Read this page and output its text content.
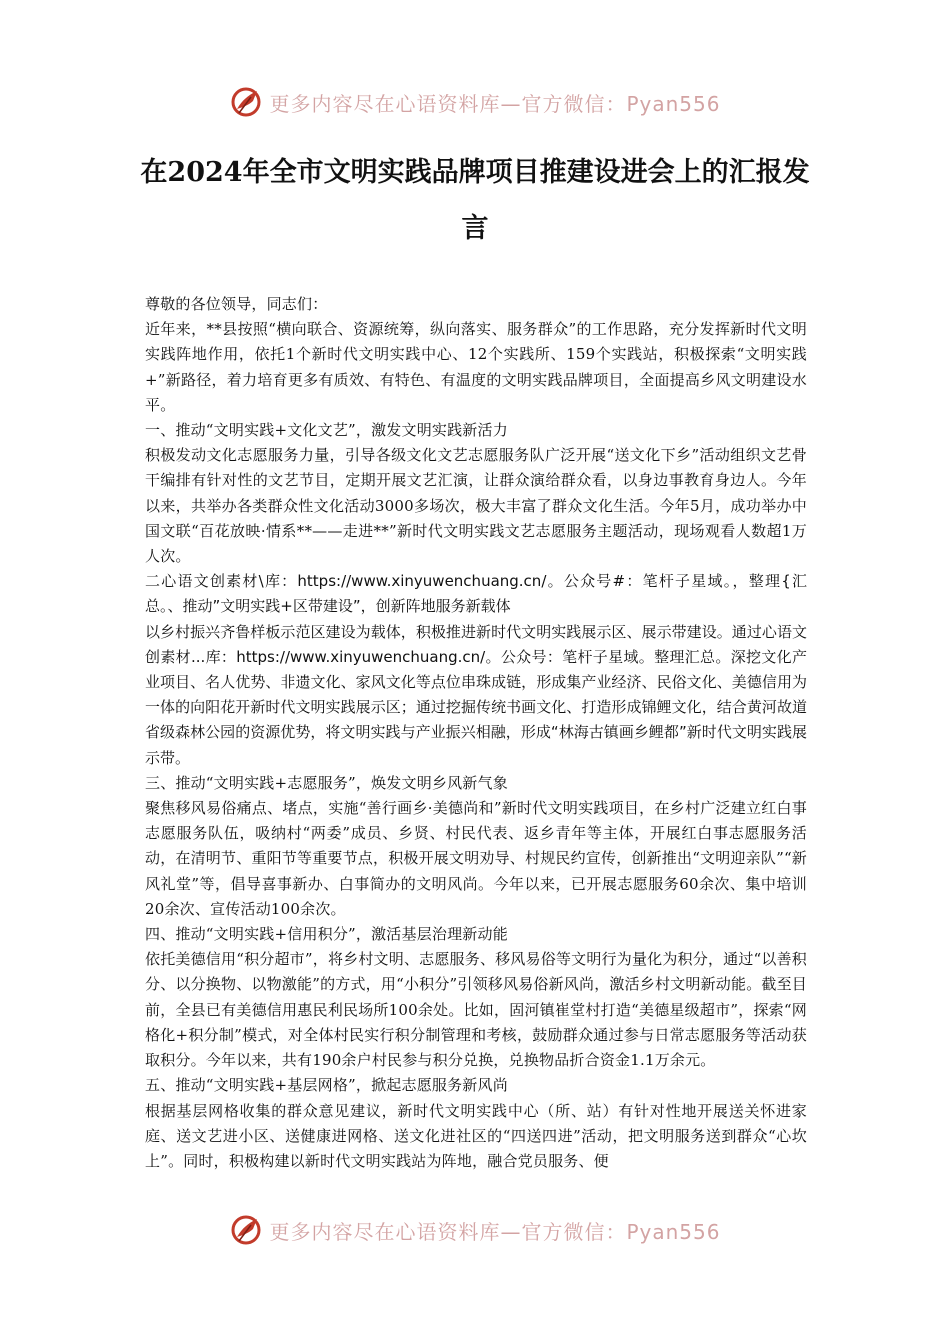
更多内容尽在心语资料库—官方微信：Pyan556
在2024年全市文明实践品牌项目推建设进会上的汇报发言

尊敬的各位领导，同志们：

近年来，**县按照“横向联合、资源统筹，纵向落实、服务群众”的工作思路，充分发挥新时代文明实践阵地作用，依托1个新时代文明实践中心、12个实践所、159个实践站，积极探索“文明实践+”新路径，着力培育更多有质效、有特色、有温度的文明实践品牌项目，全面提高乡风文明建设水平。

一、推动“文明实践+文化文艺”，激发文明实践新活力

积极发动文化志愿服务力量，引导各级文化文艺志愿服务队广泛开展“送文化下乡”活动组织文艺骨干编排有针对性的文艺节目，定期开展文艺汇演，让群众演给群众看，以身边事教育身边人。今年以来，共举办各类群众性文化活动3000多场次，极大丰富了群众文化生活。今年5月，成功举办中国文联“百花放映·情系**——走进**”新时代文明实践文艺志愿服务主题活动，现场观看人数超1万人次。

二心语文创素材\库：https://www.xinyuwenchuang.cn/。公众号#：笔杆子星域。，整理{汇总。、推动”文明实践+区带建设”，创新阵地服务新载体

以乡村振兴齐鲁样板示范区建设为载体，积极推进新时代文明实践展示区、展示带建设。通过心语文创素材...库：https://www.xinyuwenchuang.cn/。公众号：笔杆子星域。整理汇总。深挖文化产业项目、名人优势、非遗文化、家风文化等点位串珠成链，形成集产业经济、民俗文化、美德信用为一体的向阳花开新时代文明实践展示区；通过挖掘传统书画文化、打造形成锦鲤文化，结合黄河故道省级森林公园的资源优势，将文明实践与产业振兴相融，形成“林海古镇画乡鲤都”新时代文明实践展示带。

三、推动“文明实践+志愿服务”，焕发文明乡风新气象

聚焦移风易俗痛点、堵点，实施“善行画乡·美德尚和”新时代文明实践项目，在乡村广泛建立红白事志愿服务队伍，吸纳村“两委”成员、乡贤、村民代表、返乡青年等主体，开展红白事志愿服务活动，在清明节、重阳节等重要节点，积极开展文明劝导、村规民约宣传，创新推出“文明迎亲队”“新风礼堂”等，倡导喜事新办、白事简办的文明风尚。今年以来，已开展志愿服务60余次、集中培训20余次、宣传活动100余次。

四、推动“文明实践+信用积分”，激活基层治理新动能

依托美德信用“积分超市”，将乡村文明、志愿服务、移风易俗等文明行为量化为积分，通过“以善积分、以分换物、以物激能”的方式，用“小积分”引领移风易俗新风尚，激活乡村文明新动能。截至目前，全县已有美德信用惠民利民场所100余处。比如，固河镇崔堂村打造“美德星级超市”，探索“网格化+积分制”模式，对全体村民实行积分制管理和考核，鼓励群众通过参与日常志愿服务等活动获取积分。今年以来，共有190余户村民参与积分兑换，兑换物品折合资金1.1万余元。

五、推动“文明实践+基层网格”，掀起志愿服务新风尚

根据基层网格收集的群众意见建议，新时代文明实践中心（所、站）有针对性地开展送关怀进家庭、送文艺进小区、送健康进网格、送文化进社区的“四送四进”活动，把文明服务送到群众“心坎上”。同时，积极构建以新时代文明实践站为阵地，融合党员服务、便

更多内容尽在心语资料库—官方微信：Pyan556
